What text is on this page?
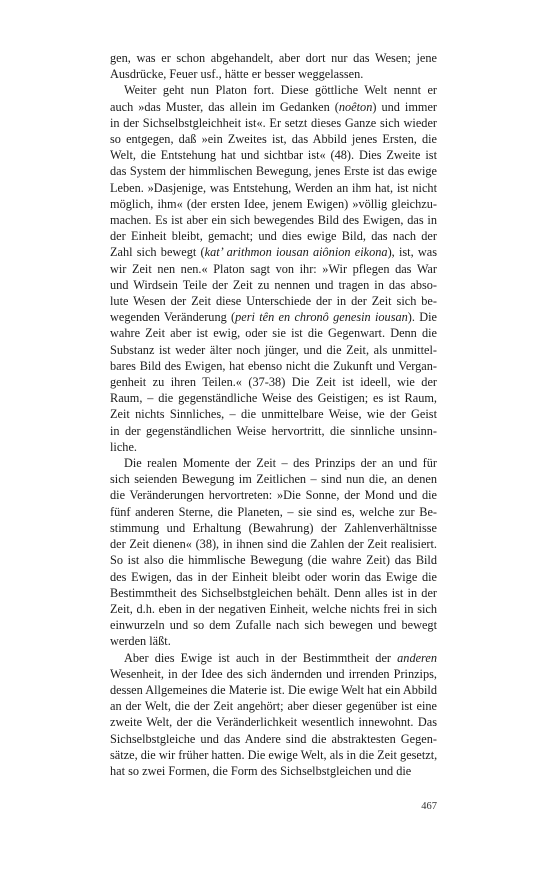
gen, was er schon abgehandelt, aber dort nur das Wesen; jene
Ausdrücke, Feuer usf., hätte er besser weggelassen.
Weiter geht nun Platon fort. Diese göttliche Welt nennt er
auch »das Muster, das allein im Gedanken (noêton) und immer
in der Sichselbstgleichheit ist«. Er setzt dieses Ganze sich wieder
so entgegen, daß »ein Zweites ist, das Abbild jenes Ersten, die
Welt, die Entstehung hat und sichtbar ist« (48). Dies Zweite ist
das System der himmlischen Bewegung, jenes Erste ist das ewige
Leben. »Dasjenige, was Entstehung, Werden an ihm hat, ist nicht
möglich, ihm« (der ersten Idee, jenem Ewigen) »völlig gleichzu-
machen. Es ist aber ein sich bewegendes Bild des Ewigen, das in
der Einheit bleibt, gemacht; und dies ewige Bild, das nach der
Zahl sich bewegt (kat’ arithmon iousan aiônion eikona), ist, was
wir Zeit nen nen.« Platon sagt von ihr: »Wir pflegen das War
und Wirdsein Teile der Zeit zu nennen und tragen in das abso-
lute Wesen der Zeit diese Unterschiede der in der Zeit sich be-
wegenden Veränderung (peri tên en chronô genesin iousan). Die
wahre Zeit aber ist ewig, oder sie ist die Gegenwart. Denn die
Substanz ist weder älter noch jünger, und die Zeit, als unmittel-
bares Bild des Ewigen, hat ebenso nicht die Zukunft und Vergan-
genheit zu ihren Teilen.« (37-38) Die Zeit ist ideell, wie der
Raum, – die gegenständliche Weise des Geistigen; es ist Raum,
Zeit nichts Sinnliches, – die unmittelbare Weise, wie der Geist
in der gegenständlichen Weise hervortritt, die sinnliche unsinn-
liche.
Die realen Momente der Zeit – des Prinzips der an und für
sich seienden Bewegung im Zeitlichen – sind nun die, an denen
die Veränderungen hervortreten: »Die Sonne, der Mond und die
fünf anderen Sterne, die Planeten, – sie sind es, welche zur Be-
stimmung und Erhaltung (Bewahrung) der Zahlenverhältnisse
der Zeit dienen« (38), in ihnen sind die Zahlen der Zeit realisiert.
So ist also die himmlische Bewegung (die wahre Zeit) das Bild
des Ewigen, das in der Einheit bleibt oder worin das Ewige die
Bestimmtheit des Sichselbstgleichen behält. Denn alles ist in der
Zeit, d.h. eben in der negativen Einheit, welche nichts frei in sich
einwurzeln und so dem Zufalle nach sich bewegen und bewegt
werden läßt.
Aber dies Ewige ist auch in der Bestimmtheit der anderen
Wesenheit, in der Idee des sich ändernden und irrenden Prinzips,
dessen Allgemeines die Materie ist. Die ewige Welt hat ein Abbild
an der Welt, die der Zeit angehört; aber dieser gegenüber ist eine
zweite Welt, der die Veränderlichkeit wesentlich innewohnt. Das
Sichselbstgleiche und das Andere sind die abstraktesten Gegen-
sätze, die wir früher hatten. Die ewige Welt, als in die Zeit gesetzt,
hat so zwei Formen, die Form des Sichselbstgleichen und die
467
